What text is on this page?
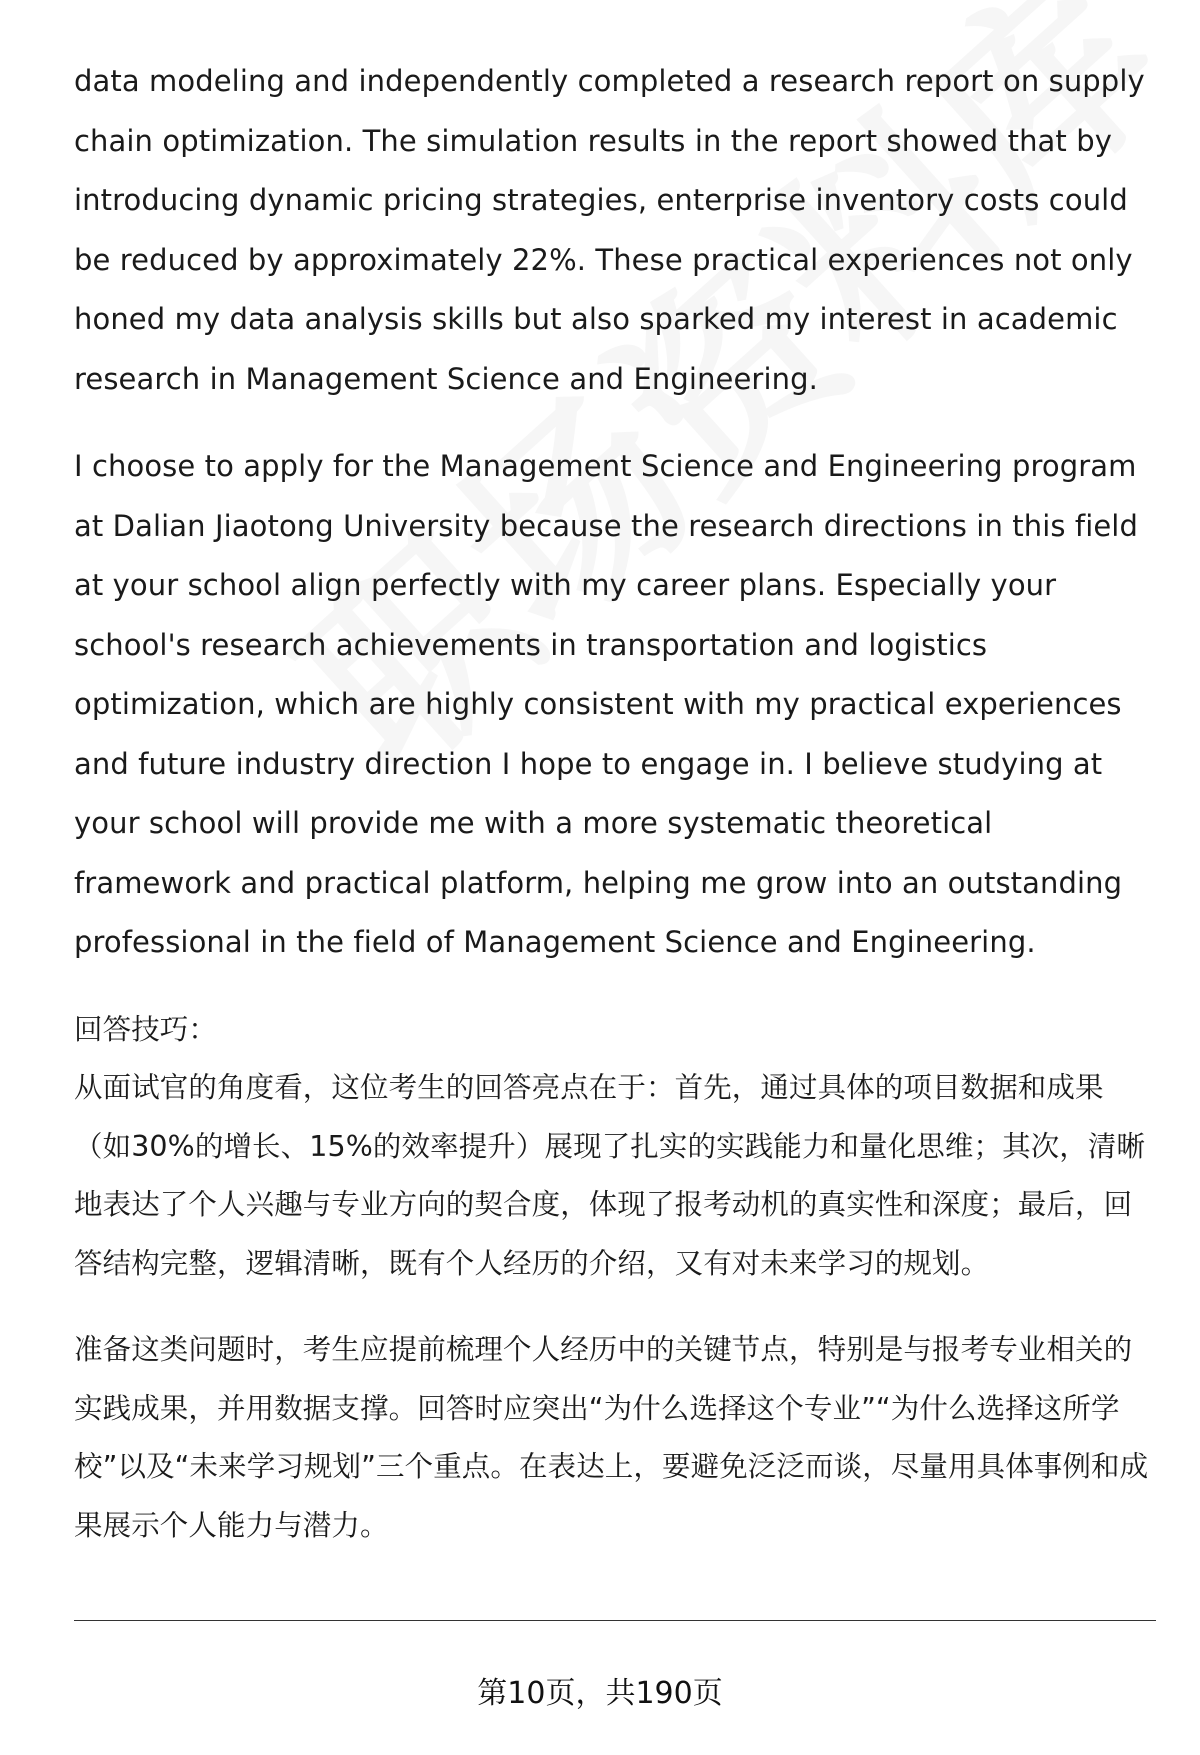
data modeling and independently completed a research report on supply chain optimization. The simulation results in the report showed that by introducing dynamic pricing strategies, enterprise inventory costs could be reduced by approximately 22%. These practical experiences not only honed my data analysis skills but also sparked my interest in academic research in Management Science and Engineering.

I choose to apply for the Management Science and Engineering program at Dalian Jiaotong University because the research directions in this field at your school align perfectly with my career plans. Especially your school's research achievements in transportation and logistics optimization, which are highly consistent with my practical experiences and future industry direction I hope to engage in. I believe studying at your school will provide me with a more systematic theoretical framework and practical platform, helping me grow into an outstanding professional in the field of Management Science and Engineering.

回答技巧：

从面试官的角度看，这位考生的回答亮点在于：首先，通过具体的项目数据和成果（如30%的增长、15%的效率提升）展现了扎实的实践能力和量化思维；其次，清晰地表达了个人兴趣与专业方向的契合度，体现了报考动机的真实性和深度；最后，回答结构完整，逻辑清晰，既有个人经历的介绍，又有对未来学习的规划。

准备这类问题时，考生应提前梳理个人经历中的关键节点，特别是与报考专业相关的实践成果，并用数据支撑。回答时应突出“为什么选择这个专业”“为什么选择这所学校”以及“未来学习规划”三个重点。在表达上，要避免泛泛而谈，尽量用具体事例和成果展示个人能力与潜力。

第10页，共190页
